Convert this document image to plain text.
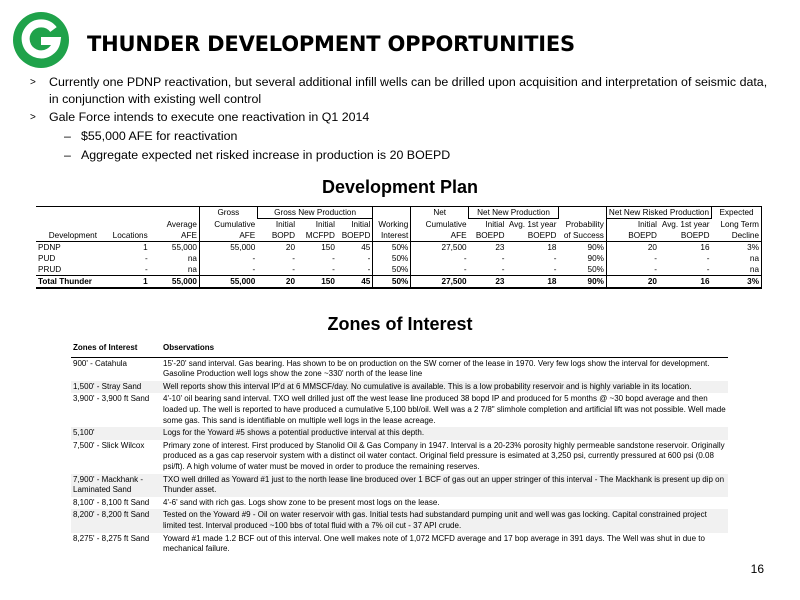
THUNDER DEVELOPMENT OPPORTUNITIES
> Currently one PDNP reactivation, but several additional infill wells can be drilled upon acquisition and interpretation of seismic data, in conjunction with existing well control
> Gale Force intends to execute one reactivation in Q1 2014
– $55,000 AFE for reactivation
– Aggregate expected net risked increase in production is 20 BOEPD
Development Plan
			Gross	Gross New Production				Net	Net New Production			Net New Risked Production		Expected
		Average	Cumulative	Initial	Initial	Initial	Working	Cumulative	Initial	Avg. 1st year	Probability	Initial	Avg. 1st year	Long Term
Development	Locations	AFE	AFE	BOPD	MCFPD	BOEPD	Interest	AFE	BOEPD	BOEPD	of Success	BOEPD	BOEPD	Decline
PDNP	1	55,000	55,000	20	150	45	50%	27,500	23	18	90%	20	16	3%
PUD	-	na	-	-	-	-	50%	-	-	-	90%	-	-	na
PRUD	-	na	-	-	-	-	50%	-	-	-	50%	-	-	na
Total Thunder	1	55,000	55,000	20	150	45	50%	27,500	23	18	90%	20	16	3%
Zones of Interest
Zones of Interest	Observations
900' - Catahula	15'-20' sand interval. Gas bearing. Has shown to be on production on the SW corner of the lease in 1970. Very few logs show the interval for development. Gasoline Production well logs show the zone ~330' north of the lease line
1,500' - Stray Sand	Well reports show this interval IP'd at 6 MMSCF/day. No cumulative is available. This is a low probability reservoir and is highly variable in its location.
3,900' - 3,900 ft Sand	4'-10' oil bearing sand interval. TXO well drilled just off the west lease line produced 38 bopd IP and produced for 5 months @ ~30 bopd average and then loaded up. The well is reported to have produced a cumulative 5,100 bbl/oil. Well was a 2 7/8" slimhole completion and artificial lift was not possible. Well made some gas. This sand is identifiable on multiple well logs in the lease acreage.
5,100'	Logs for the Yoward #5 shows a potential productive interval at this depth.
7,500' - Slick Wilcox	Primary zone of interest. First produced by Stanolid Oil & Gas Company in 1947. Interval is a 20-23% porosity highly permeable sandstone reservoir. Originally produced as a gas cap reservoir system with a distinct oil water contact. Original field pressure is esimated at 3,250 psi, currently pressured at 600 psi (0.08 psi/ft). A high volume of water must be moved in order to produce the remaining reserves.
7,900' - Mackhank - Laminated Sand	TXO well drilled as Yoward #1 just to the north lease line broduced over 1 BCF of gas out an upper stringer of this interval - The Mackhank is present up dip on Thunder asset.
8,100' - 8,100 ft Sand	4'-6' sand with rich gas. Logs show zone to be present most logs on the lease.
8,200' - 8,200 ft Sand	Tested on the Yoward #9 - Oil on water reservoir with gas. Initial tests had substandard pumping unit and well was gas locking. Capital constrained project limited test. Interval produced ~100 bbs of total fluid with a 7% oil cut - 37 API crude.
8,275' - 8,275 ft Sand	Yoward #1 made 1.2 BCF out of this interval. One well makes note of 1,072 MCFD average and 17 bop average in 391 days. The Well was shut in due to mechanical failure.
16
